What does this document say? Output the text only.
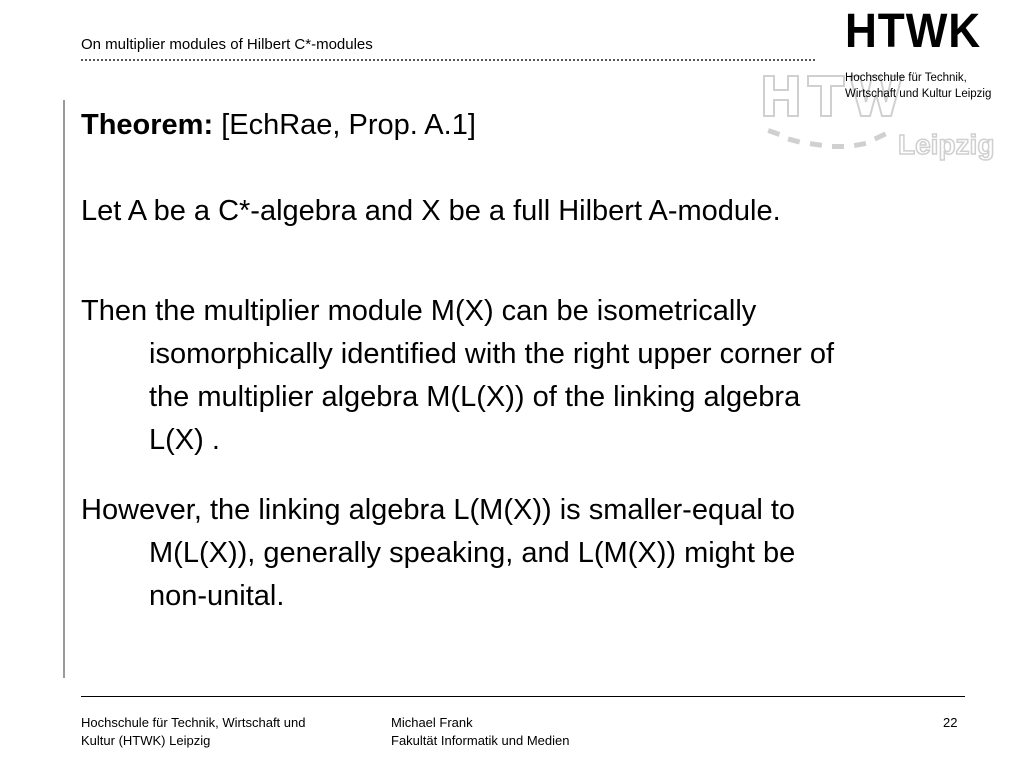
On multiplier modules of Hilbert C*-modules
Leipzig
HTWK
Hochschule für Technik,
Wirtschaft und Kultur Leipzig
Theorem: [EchRae, Prop. A.1]
Let A be a C*-algebra and X be a full Hilbert A-module.
Then the multiplier module M(X) can be isometrically
isomorphically identified with the right upper corner of
the multiplier algebra M(L(X)) of the linking algebra
L(X) .
However, the linking algebra L(M(X)) is smaller-equal to
M(L(X)), generally speaking, and L(M(X)) might be
non-unital.
Hochschule für Technik, Wirtschaft und
Kultur (HTWK) Leipzig
Michael Frank
Fakultät Informatik und Medien
22
